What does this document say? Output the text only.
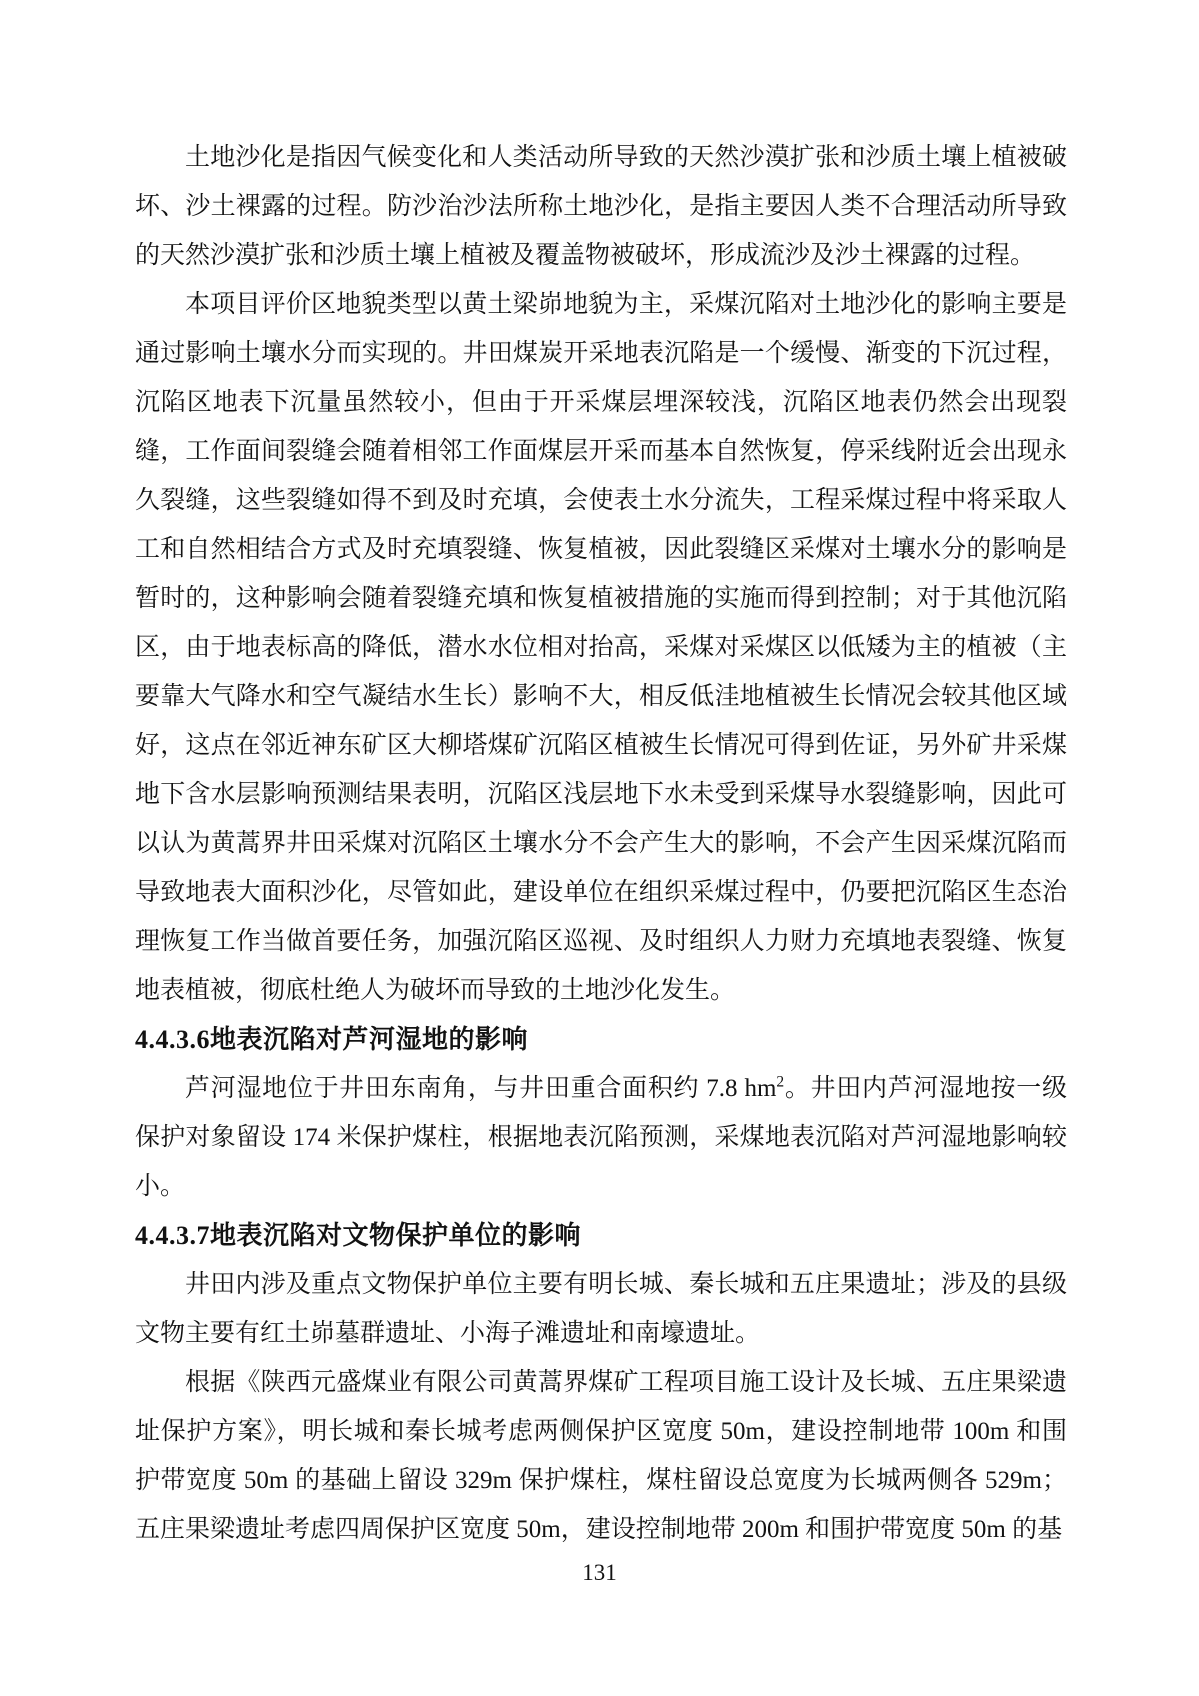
土地沙化是指因气候变化和人类活动所导致的天然沙漠扩张和沙质土壤上植被破坏、沙土裸露的过程。防沙治沙法所称土地沙化，是指主要因人类不合理活动所导致的天然沙漠扩张和沙质土壤上植被及覆盖物被破坏，形成流沙及沙土裸露的过程。

本项目评价区地貌类型以黄土梁峁地貌为主，采煤沉陷对土地沙化的影响主要是通过影响土壤水分而实现的。井田煤炭开采地表沉陷是一个缓慢、渐变的下沉过程，沉陷区地表下沉量虽然较小，但由于开采煤层埋深较浅，沉陷区地表仍然会出现裂缝，工作面间裂缝会随着相邻工作面煤层开采而基本自然恢复，停采线附近会出现永久裂缝，这些裂缝如得不到及时充填，会使表土水分流失，工程采煤过程中将采取人工和自然相结合方式及时充填裂缝、恢复植被，因此裂缝区采煤对土壤水分的影响是暂时的，这种影响会随着裂缝充填和恢复植被措施的实施而得到控制；对于其他沉陷区，由于地表标高的降低，潜水水位相对抬高，采煤对采煤区以低矮为主的植被（主要靠大气降水和空气凝结水生长）影响不大，相反低洼地植被生长情况会较其他区域好，这点在邻近神东矿区大柳塔煤矿沉陷区植被生长情况可得到佐证，另外矿井采煤地下含水层影响预测结果表明，沉陷区浅层地下水未受到采煤导水裂缝影响，因此可以认为黄蒿界井田采煤对沉陷区土壤水分不会产生大的影响，不会产生因采煤沉陷而导致地表大面积沙化，尽管如此，建设单位在组织采煤过程中，仍要把沉陷区生态治理恢复工作当做首要任务，加强沉陷区巡视、及时组织人力财力充填地表裂缝、恢复地表植被，彻底杜绝人为破坏而导致的土地沙化发生。

4.4.3.6地表沉陷对芦河湿地的影响

芦河湿地位于井田东南角，与井田重合面积约 7.8 $hm^2$。井田内芦河湿地按一级保护对象留设 174 米保护煤柱，根据地表沉陷预测，采煤地表沉陷对芦河湿地影响较小。

4.4.3.7地表沉陷对文物保护单位的影响

井田内涉及重点文物保护单位主要有明长城、秦长城和五庄果遗址；涉及的县级文物主要有红土峁墓群遗址、小海子滩遗址和南壕遗址。

根据《陕西元盛煤业有限公司黄蒿界煤矿工程项目施工设计及长城、五庄果梁遗址保护方案》，明长城和秦长城考虑两侧保护区宽度 50m，建设控制地带 100m 和围护带宽度 50m 的基础上留设 329m 保护煤柱，煤柱留设总宽度为长城两侧各 529m；五庄果梁遗址考虑四周保护区宽度 50m，建设控制地带 200m 和围护带宽度 50m 的基

131
